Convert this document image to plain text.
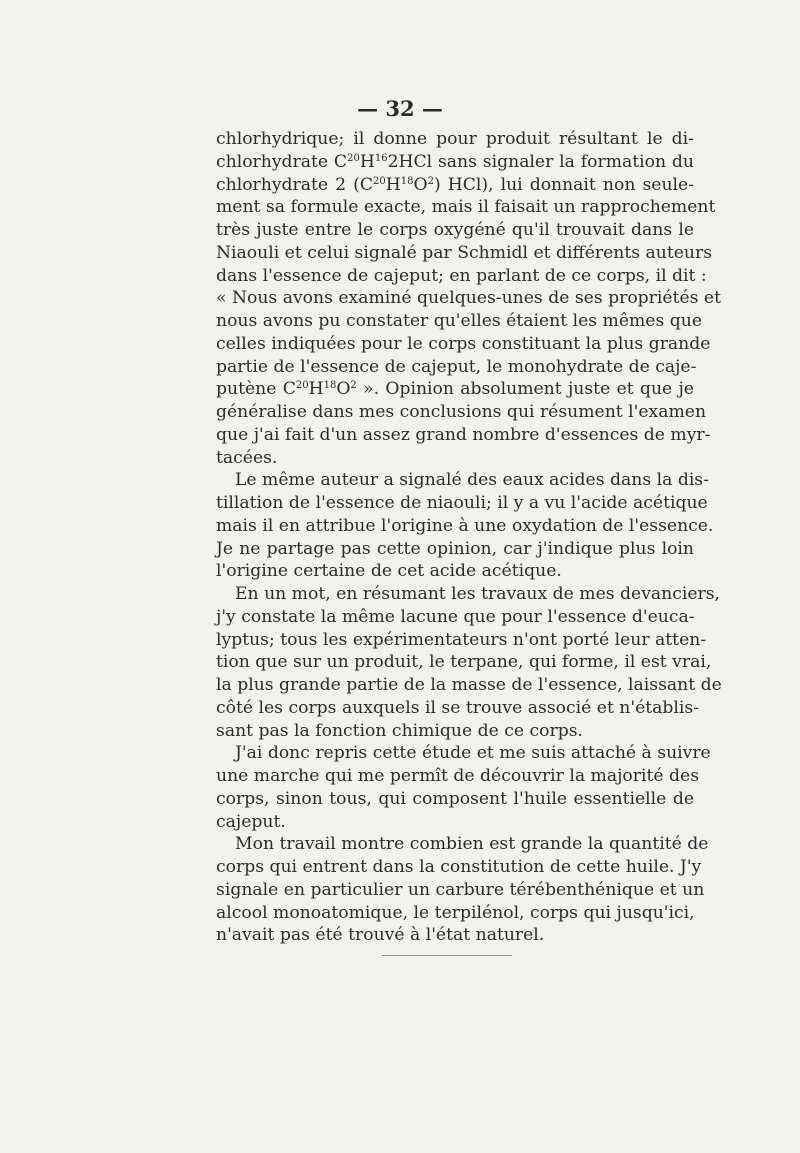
— 32 —
chlorhydrique; il donne pour produit résultant le di-
chlorhydrate $C^{20}H^{16}2HCl$ sans signaler la formation du
chlorhydrate 2 $(C^{20}H^{18}O^2)$ HCl), lui donnait non seule-
ment sa formule exacte, mais il faisait un rapprochement
très juste entre le corps oxygéné qu'il trouvait dans le
Niaouli et celui signalé par Schmidl et différents auteurs
dans l'essence de cajeput; en parlant de ce corps, il dit :
« Nous avons examiné quelques-unes de ses propriétés et
nous avons pu constater qu'elles étaient les mêmes que
celles indiquées pour le corps constituant la plus grande
partie de l'essence de cajeput, le monohydrate de caje-
putène $C^{20}H^{18}O^2$ ». Opinion absolument juste et que je
généralise dans mes conclusions qui résument l'examen
que j'ai fait d'un assez grand nombre d'essences de myr-
tacées.
Le même auteur a signalé des eaux acides dans la dis-
tillation de l'essence de niaouli; il y a vu l'acide acétique
mais il en attribue l'origine à une oxydation de l'essence.
Je ne partage pas cette opinion, car j'indique plus loin
l'origine certaine de cet acide acétique.
En un mot, en résumant les travaux de mes devanciers,
j'y constate la même lacune que pour l'essence d'euca-
lyptus; tous les expérimentateurs n'ont porté leur atten-
tion que sur un produit, le terpane, qui forme, il est vrai,
la plus grande partie de la masse de l'essence, laissant de
côté les corps auxquels il se trouve associé et n'établis-
sant pas la fonction chimique de ce corps.
J'ai donc repris cette étude et me suis attaché à suivre
une marche qui me permît de découvrir la majorité des
corps, sinon tous, qui composent l'huile essentielle de
cajeput.
Mon travail montre combien est grande la quantité de
corps qui entrent dans la constitution de cette huile. J'y
signale en particulier un carbure térébenthénique et un
alcool monoatomique, le terpilénol, corps qui jusqu'ici,
n'avait pas été trouvé à l'état naturel.
